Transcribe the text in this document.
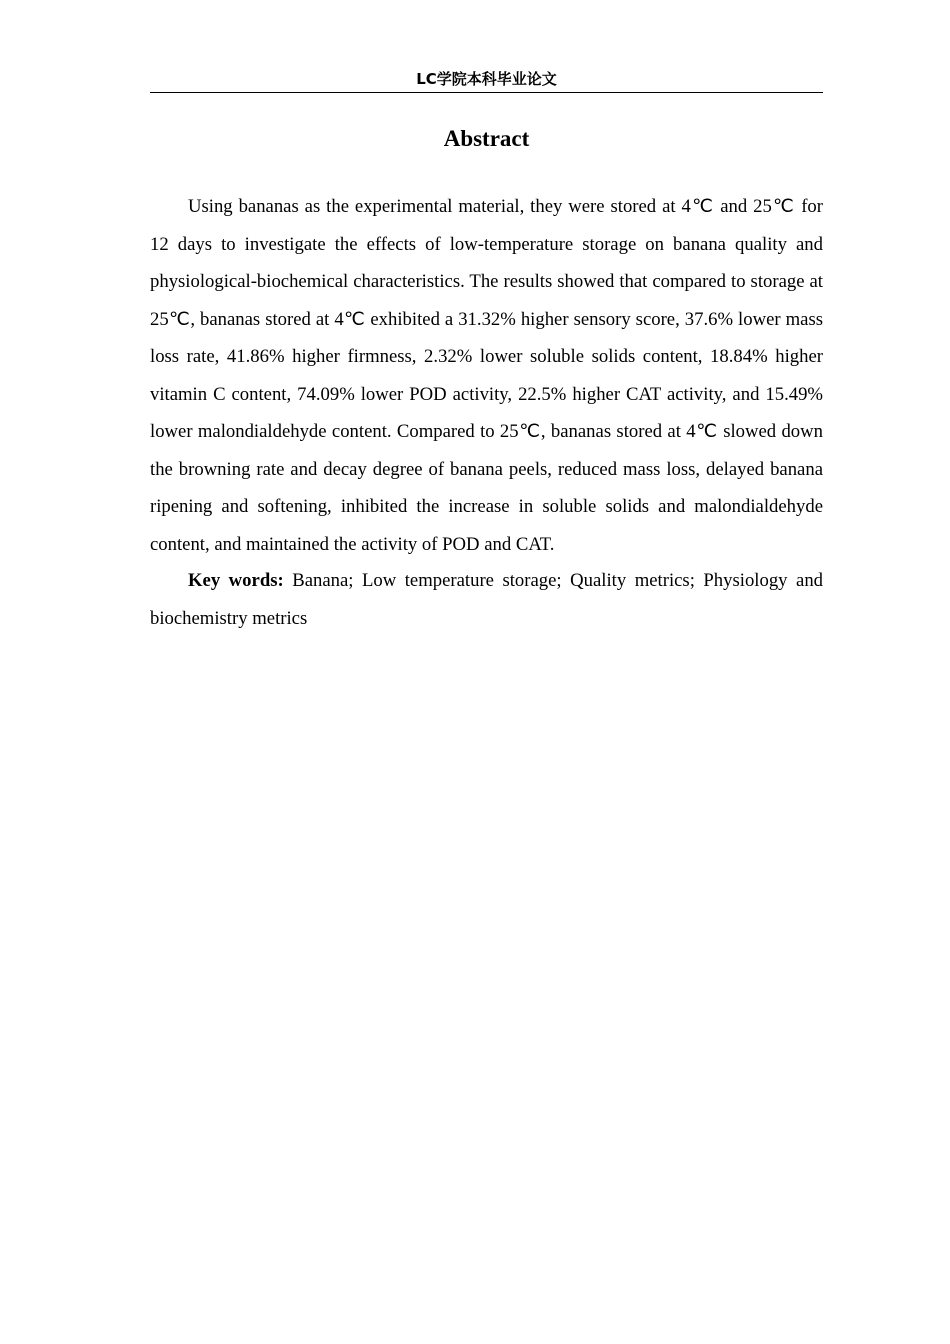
LC学院本科毕业论文
Abstract

Using bananas as the experimental material, they were stored at 4℃ and 25℃ for 12 days to investigate the effects of low-temperature storage on banana quality and physiological-biochemical characteristics. The results showed that compared to storage at 25℃, bananas stored at 4℃ exhibited a 31.32% higher sensory score, 37.6% lower mass loss rate, 41.86% higher firmness, 2.32% lower soluble solids content, 18.84% higher vitamin C content, 74.09% lower POD activity, 22.5% higher CAT activity, and 15.49% lower malondialdehyde content. Compared to 25℃, bananas stored at 4℃ slowed down the browning rate and decay degree of banana peels, reduced mass loss, delayed banana ripening and softening, inhibited the increase in soluble solids and malondialdehyde content, and maintained the activity of POD and CAT.

Key words: Banana; Low temperature storage; Quality metrics; Physiology and biochemistry metrics
